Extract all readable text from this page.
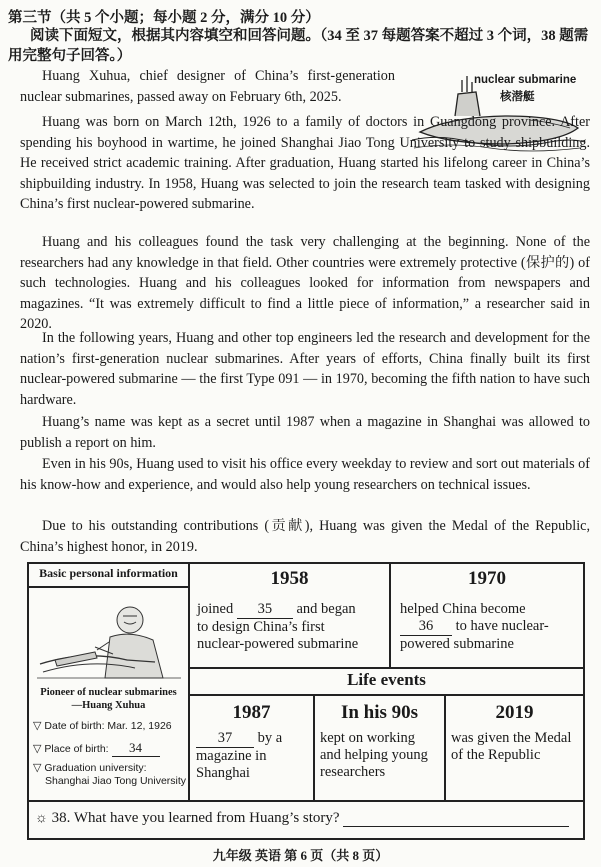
第三节（共 5 个小题；每小题 2 分，满分 10 分）
阅读下面短文，根据其内容填空和回答问题。（34 至 37 每题答案不超过 3 个词，38 题需用完整句子回答。）
nuclear submarine
核潜艇

Huang Xuhua, chief designer of China’s first-generation nuclear submarines, passed away on February 6th, 2025.

Huang was born on March 12th, 1926 to a family of doctors in Guangdong province. After spending his boyhood in wartime, he joined Shanghai Jiao Tong University to study shipbuilding. He received strict academic training. After graduation, Huang started his lifelong career in China’s shipbuilding industry. In 1958, Huang was selected to join the research team tasked with designing China’s first nuclear-powered submarine.

Huang and his colleagues found the task very challenging at the beginning. None of the researchers had any knowledge in that field. Other countries were extremely protective (保护的) of such technologies. Huang and his colleagues looked for information from newspapers and magazines. “It was extremely difficult to find a little piece of information,” a researcher said in 2020.

In the following years, Huang and other top engineers led the research and development for the nation’s first-generation nuclear submarines. After years of efforts, China finally built its first nuclear-powered submarine — the first Type 091 — in 1970, becoming the fifth nation to have such hardware.

Huang’s name was kept as a secret until 1987 when a magazine in Shanghai was allowed to publish a report on him.

Even in his 90s, Huang used to visit his office every weekday to review and sort out materials of his know-how and experience, and would also help young researchers on technical issues.

Due to his outstanding contributions (贡献), Huang was given the Medal of the Republic, China’s highest honor, in 2019.

Basic personal information
Pioneer of nuclear submarines
—Huang Xuhua
▽ Date of birth: Mar. 12, 1926
▽ Place of birth: 34
▽ Graduation university:
Shanghai Jiao Tong University
1958
joined 35 and began
to design China’s first
nuclear-powered submarine
1970
helped China become
36 to have nuclear-
powered submarine
Life events
1987
37 by a
magazine in
Shanghai
In his 90s
kept on working
and helping young
researchers
2019
was given the Medal
of the Republic
☼ 38. What have you learned from Huang’s story?
九年级 英语 第 6 页（共 8 页）
